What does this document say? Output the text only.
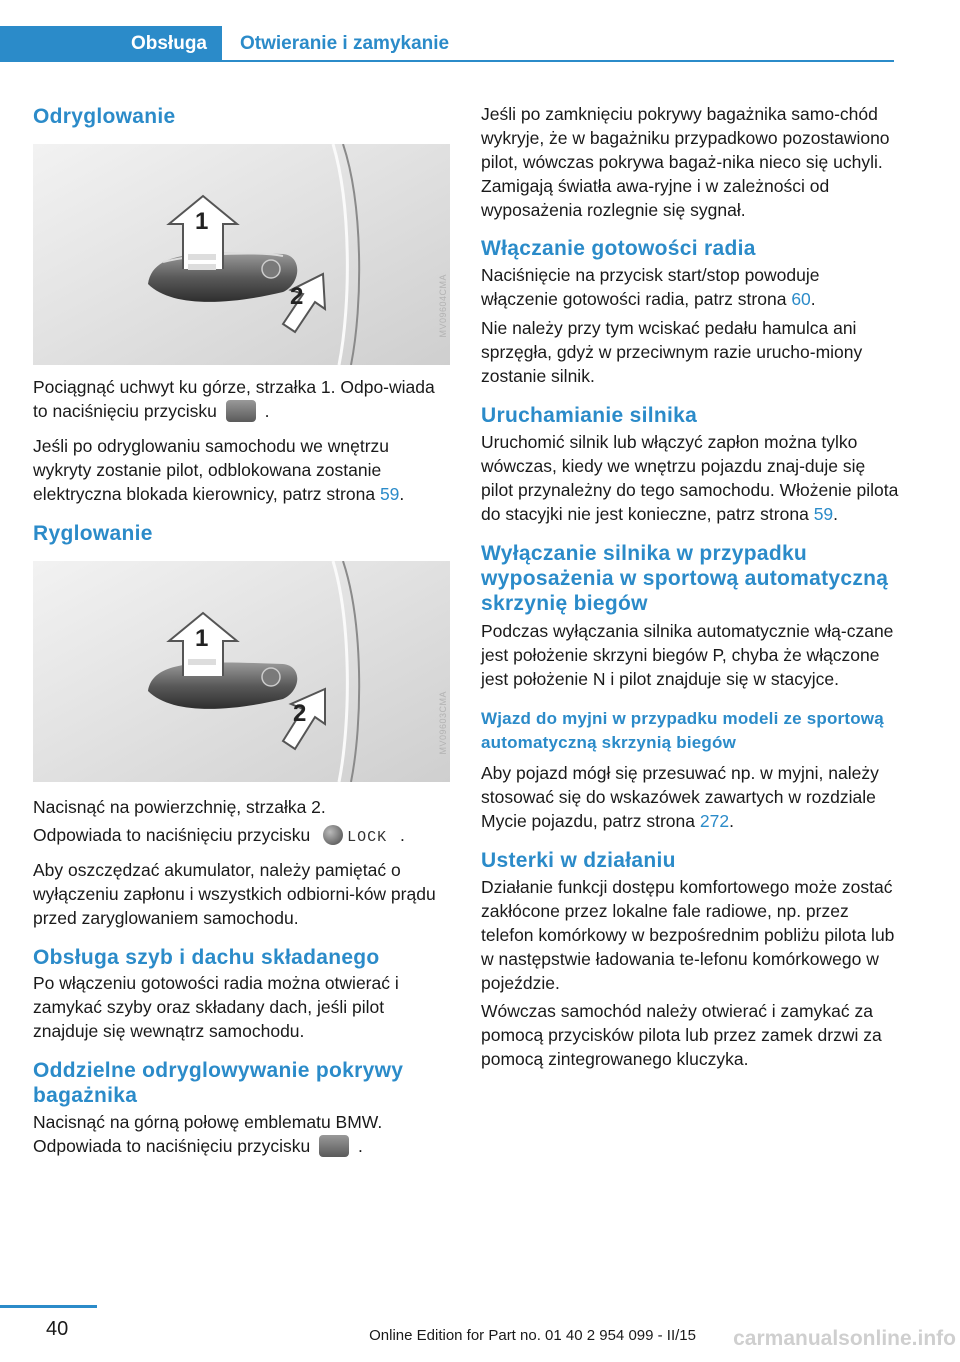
Obsługa	Otwieranie i zamykanie
Odryglowanie
1
2	MV09604CMA

Pociągnąć uchwyt ku górze, strzałka 1. Odpo-wiada to naciśnięciu przycisku	.

Jeśli po odryglowaniu samochodu we wnętrzu wykryty zostanie pilot, odblokowana zostanie elektryczna blokada kierownicy, patrz strona 59.

Ryglowanie
1
2	MV09603CMA

Nacisnąć na powierzchnię, strzałka 2.

Odpowiada to naciśnięciu przycisku LOCK .

Aby oszczędzać akumulator, należy pamiętać o wyłączeniu zapłonu i wszystkich odbiorni-ków prądu przed zaryglowaniem samochodu.

Obsługa szyb i dachu składanego

Po włączeniu gotowości radia można otwierać i zamykać szyby oraz składany dach, jeśli pilot znajduje się wewnątrz samochodu.

Oddzielne odryglowywanie pokrywy bagażnika

Nacisnąć na górną połowę emblematu BMW. Odpowiada to naciśnięciu przycisku	.

Jeśli po zamknięciu pokrywy bagażnika samo-chód wykryje, że w bagażniku przypadkowo pozostawiono pilot, wówczas pokrywa bagaż-nika nieco się uchyli. Zamigają światła awa-ryjne i w zależności od wyposażenia rozlegnie się sygnał.

Włączanie gotowości radia

Naciśnięcie na przycisk start/stop powoduje włączenie gotowości radia, patrz strona 60.

Nie należy przy tym wciskać pedału hamulca ani sprzęgła, gdyż w przeciwnym razie urucho-miony zostanie silnik.

Uruchamianie silnika

Uruchomić silnik lub włączyć zapłon można tylko wówczas, kiedy we wnętrzu pojazdu znaj-duje się pilot przynależny do tego samochodu. Włożenie pilota do stacyjki nie jest konieczne, patrz strona 59.

Wyłączanie silnika w przypadku wyposażenia w sportową automatyczną skrzynię biegów

Podczas wyłączania silnika automatycznie włą-czane jest położenie skrzyni biegów P, chyba że włączone jest położenie N i pilot znajduje się w stacyjce.

Wjazd do myjni w przypadku modeli ze sportową automatyczną skrzynią biegów

Aby pojazd mógł się przesuwać np. w myjni, należy stosować się do wskazówek zawartych w rozdziale Mycie pojazdu, patrz strona 272.

Usterki w działaniu

Działanie funkcji dostępu komfortowego może zostać zakłócone przez lokalne fale radiowe, np. przez telefon komórkowy w bezpośrednim pobliżu pilota lub w następstwie ładowania te-lefonu komórkowego w pojeździe.

Wówczas samochód należy otwierać i zamykać za pomocą przycisków pilota lub przez zamek drzwi za pomocą zintegrowanego kluczyka.

40	Online Edition for Part no. 01 40 2 954 099 - II/15 carmanualsonline.info
